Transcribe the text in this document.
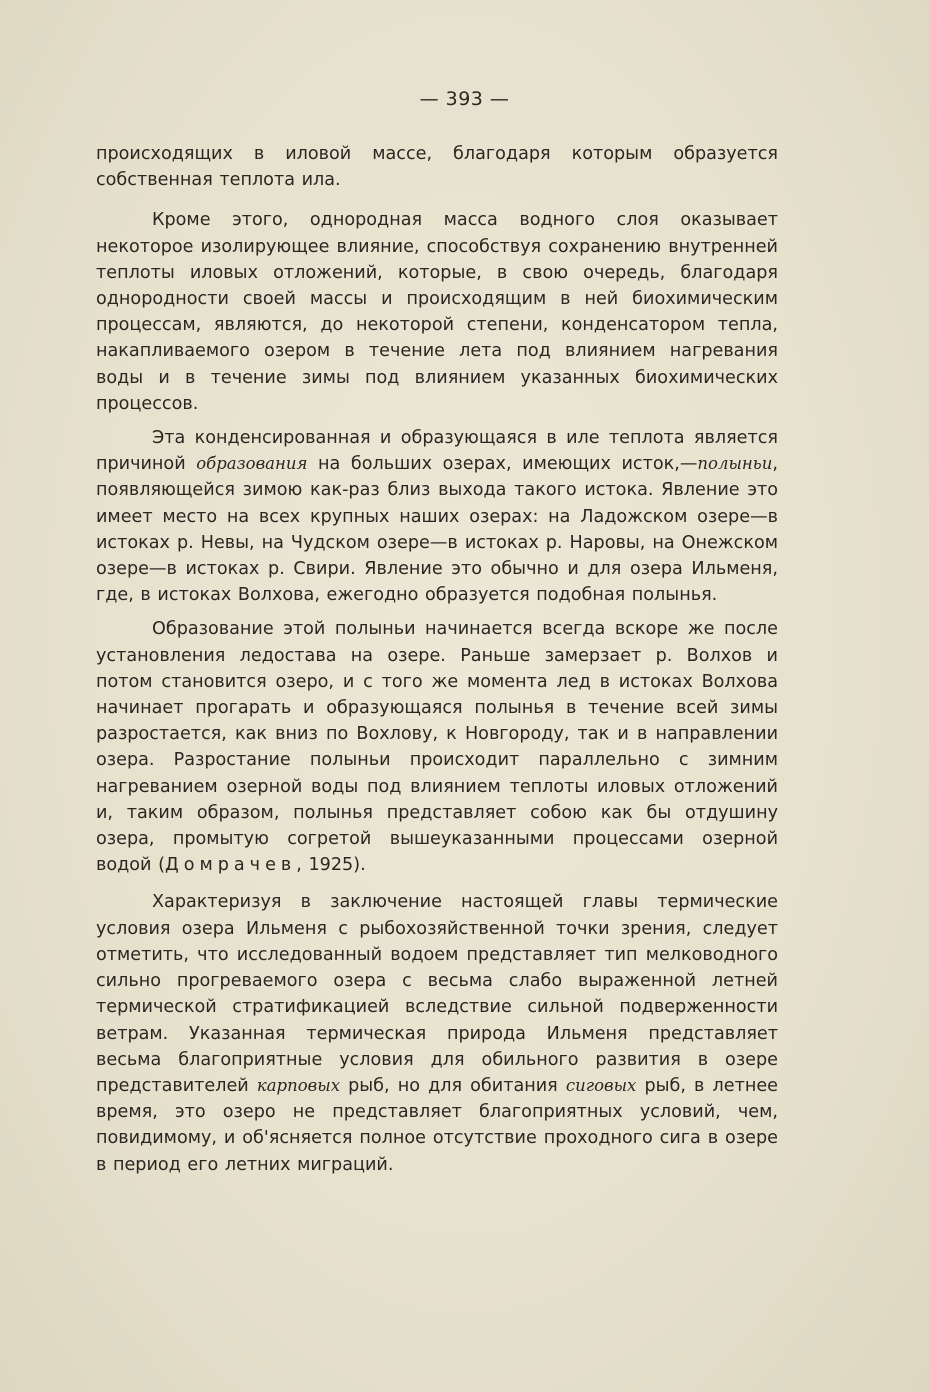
— 393 —

происходящих в иловой массе, благодаря которым образуется собственная теплота ила.

Кроме этого, однородная масса водного слоя оказывает некоторое изолирующее влияние, способствуя сохранению внутренней теплоты иловых отложений, которые, в свою очередь, благодаря однородности своей массы и происходящим в ней биохимическим процессам, являются, до некоторой степени, конденсатором тепла, накапливаемого озером в течение лета под влиянием нагревания воды и в течение зимы под влиянием указанных биохимических процессов.

Эта конденсированная и образующаяся в иле теплота является причиной образования на больших озерах, имеющих исток,—полыньи, появляющейся зимою как-раз близ выхода такого истока. Явление это имеет место на всех крупных наших озерах: на Ладожском озере—в истоках р. Невы, на Чудском озере—в истоках р. Наровы, на Онежском озере—в истоках р. Свири. Явление это обычно и для озера Ильменя, где, в истоках Волхова, ежегодно образуется подобная полынья.

Образование этой полыньи начинается всегда вскоре же после установления ледостава на озере. Раньше замерзает р. Волхов и потом становится озеро, и с того же момента лед в истоках Волхова начинает прогарать и образующаяся полынья в течение всей зимы разростается, как вниз по Вохлову, к Новгороду, так и в направлении озера. Разростание полыньи происходит параллельно с зимним нагреванием озерной воды под влиянием теплоты иловых отложений и, таким образом, полынья представляет собою как бы отдушину озера, промытую согретой вышеуказанными процессами озерной водой (Домрачев, 1925).

Характеризуя в заключение настоящей главы термические условия озера Ильменя с рыбохозяйственной точки зрения, следует отметить, что исследованный водоем представляет тип мелководного сильно прогреваемого озера с весьма слабо выраженной летней термической стратификацией вследствие сильной подверженности ветрам. Указанная термическая природа Ильменя представляет весьма благоприятные условия для обильного развития в озере представителей карповых рыб, но для обитания сиговых рыб, в летнее время, это озеро не представляет благоприятных условий, чем, повидимому, и об'ясняется полное отсутствие проходного сига в озере в период его летних миграций.
